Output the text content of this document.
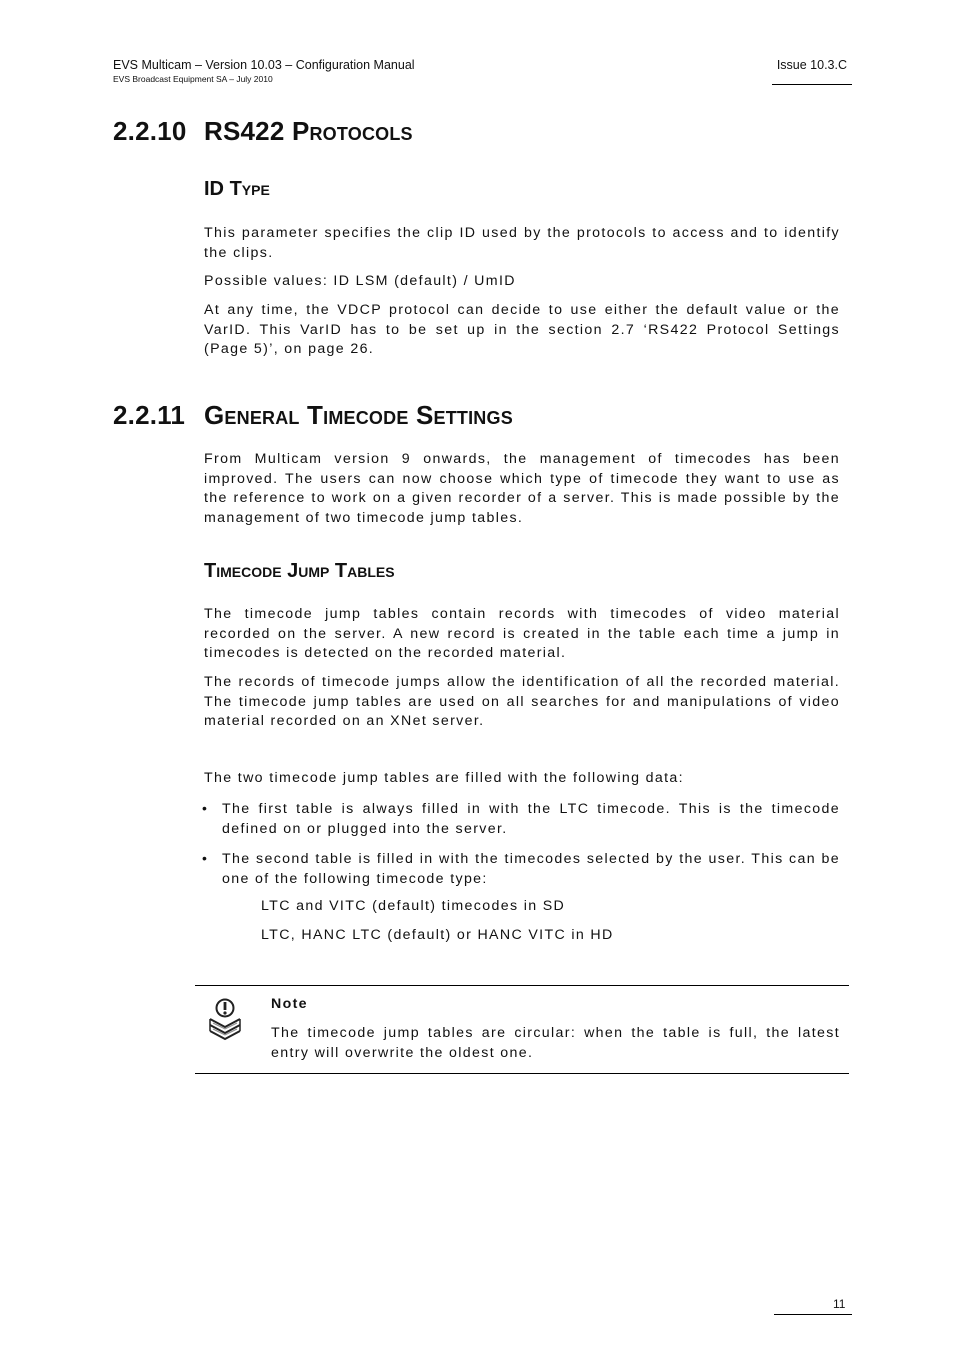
EVS Multicam – Version 10.03 – Configuration Manual
EVS Broadcast Equipment SA – July 2010
Issue 10.3.C
2.2.10 RS422 Protocols
ID Type

This parameter specifies the clip ID used by the protocols to access and to identify the clips.

Possible values: ID LSM (default) / UmID

At any time, the VDCP protocol can decide to use either the default value or the VarID. This VarID has to be set up in the section 2.7 ‘RS422 Protocol Settings (Page 5)’, on page 26.

2.2.11 General Timecode Settings

From Multicam version 9 onwards, the management of timecodes has been improved. The users can now choose which type of timecode they want to use as the reference to work on a given recorder of a server. This is made possible by the management of two timecode jump tables.

Timecode Jump Tables

The timecode jump tables contain records with timecodes of video material recorded on the server. A new record is created in the table each time a jump in timecodes is detected on the recorded material.

The records of timecode jumps allow the identification of all the recorded material. The timecode jump tables are used on all searches for and manipulations of video material recorded on an XNet server.

The two timecode jump tables are filled with the following data:

• The first table is always filled in with the LTC timecode. This is the timecode defined on or plugged into the server.

• The second table is filled in with the timecodes selected by the user. This can be one of the following timecode type:

LTC and VITC (default) timecodes in SD
LTC, HANC LTC (default) or HANC VITC in HD
Note

The timecode jump tables are circular: when the table is full, the latest entry will overwrite the oldest one.

11
